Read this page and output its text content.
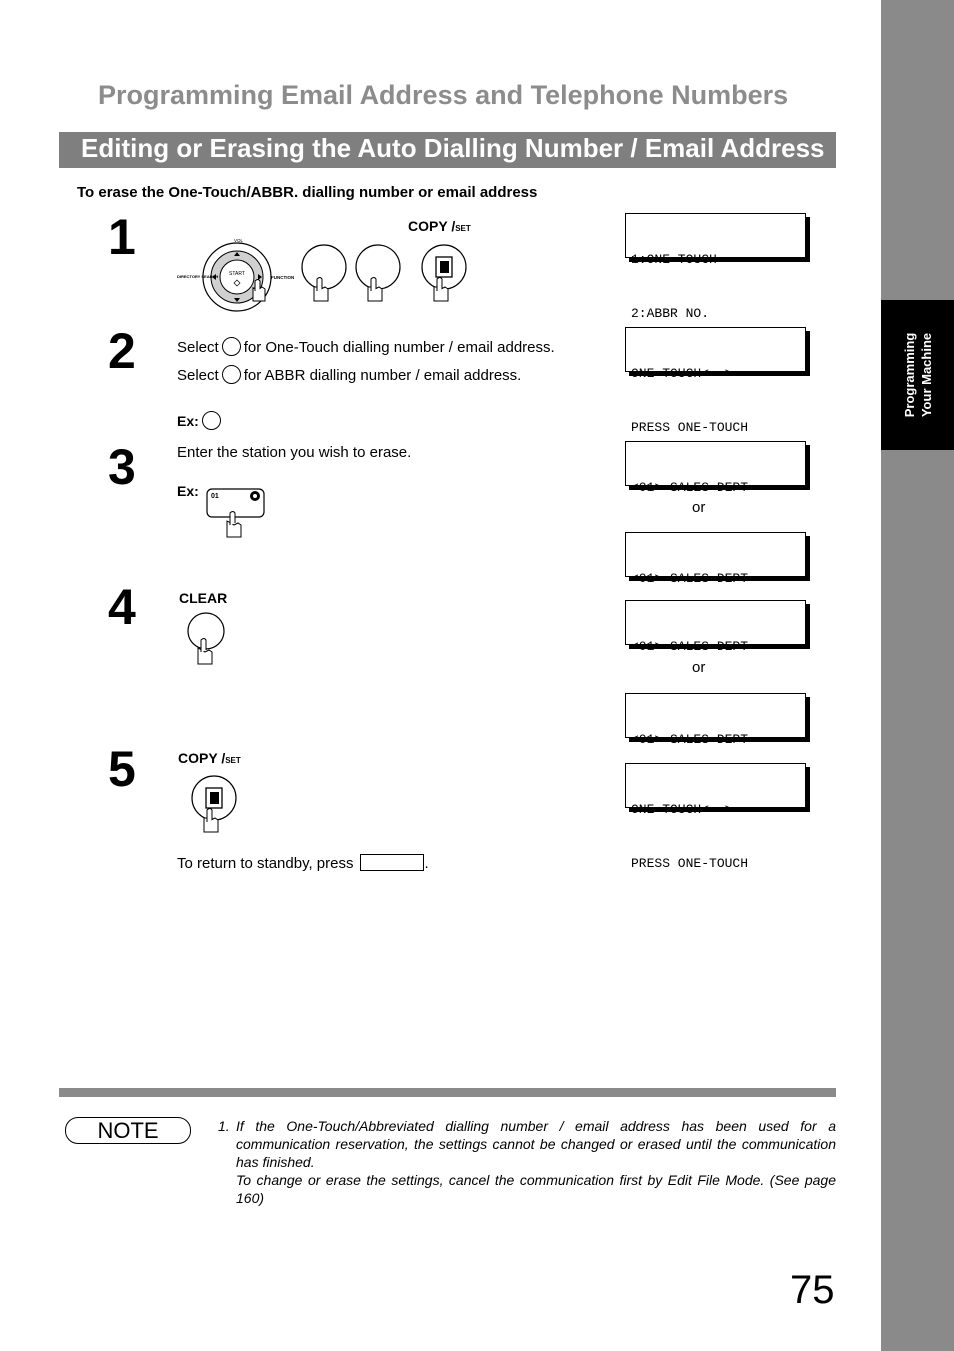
Programming Your Machine
Programming Email Address and Telephone Numbers
Editing or Erasing the Auto Dialling Number / Email Address
To erase the One-Touch/ABBR. dialling number or email address
1
START
VOL
DIRECTORY SEARCH	FUNCTION
COPY /SET

1:ONE-TOUCH

2:ABBR NO.

2	Select for One-Touch dialling number / email address.
Select for ABBR dialling number / email address.
Ex:

ONE-TOUCH<  >

PRESS ONE-TOUCH

3	Enter the station you wish to erase.
Ex: 01

<01> SALES DEPT

or

<01> SALES DEPT

4	CLEAR

<01> SALES DEPT

or

<01> SALES DEPT

5	COPY /SET

ONE-TOUCH<  >

PRESS ONE-TOUCH

To return to standby, press	.
NOTE	1. If the One-Touch/Abbreviated dialling number / email address has been used for a communication reservation, the settings cannot be changed or erased until the communication has finished.
To change or erase the settings, cancel the communication first by Edit File Mode. (See page 160)
75
